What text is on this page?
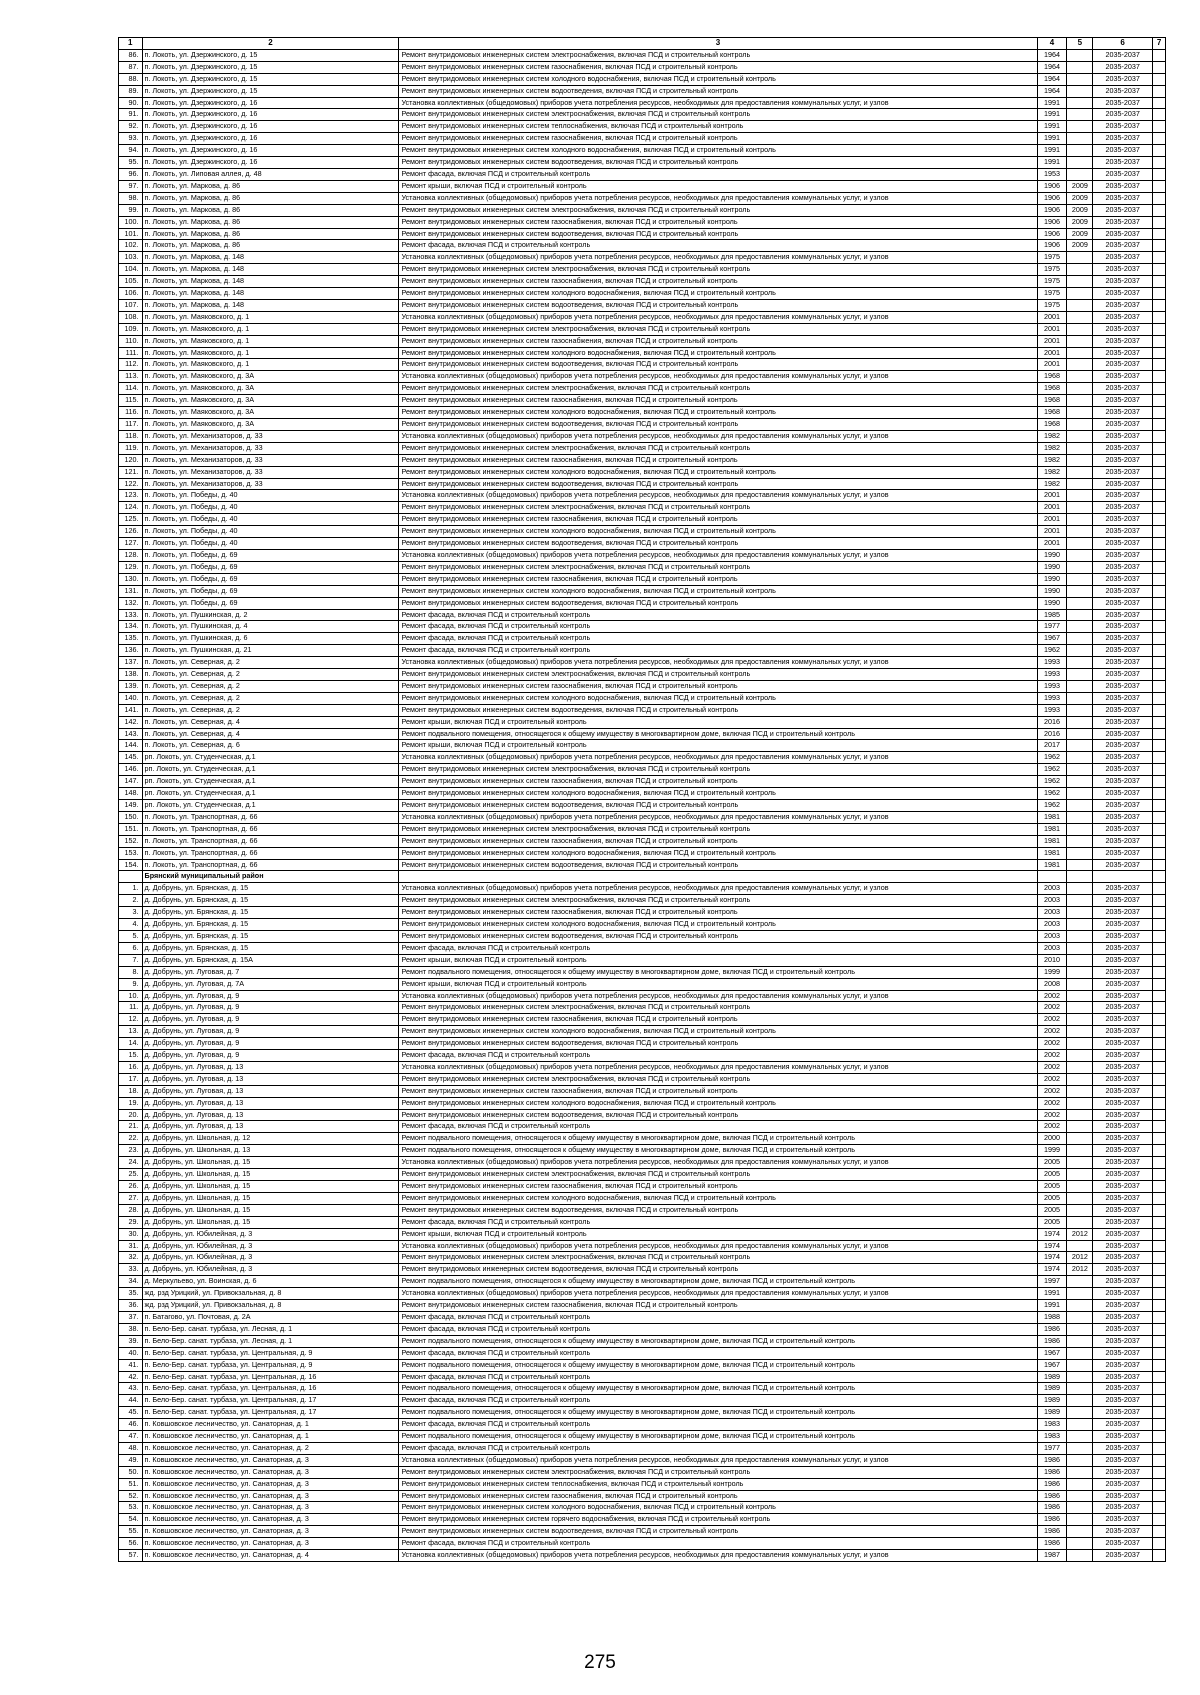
1	2	3	4	5	6	7
86.	п. Локоть, ул. Дзержинского, д. 15	Ремонт внутридомовых инженерных систем электроснабжения, включая ПСД и строительный контроль	1964		2035-2037	
87.	п. Локоть, ул. Дзержинского, д. 15	Ремонт внутридомовых инженерных систем газоснабжения, включая ПСД и строительный контроль	1964		2035-2037	
88.	п. Локоть, ул. Дзержинского, д. 15	Ремонт внутридомовых инженерных систем холодного водоснабжения, включая ПСД и строительный контроль	1964		2035-2037	
89.	п. Локоть, ул. Дзержинского, д. 15	Ремонт внутридомовых инженерных систем водоотведения, включая ПСД и строительный контроль	1964		2035-2037	
90.	п. Локоть, ул. Дзержинского, д. 16	Установка коллективных (общедомовых) приборов учета потребления ресурсов, необходимых для предоставления коммунальных услуг, и узлов	1991		2035-2037	
91.	п. Локоть, ул. Дзержинского, д. 16	Ремонт внутридомовых инженерных систем электроснабжения, включая ПСД и строительный контроль	1991		2035-2037	
92.	п. Локоть, ул. Дзержинского, д. 16	Ремонт внутридомовых инженерных систем теплоснабжения, включая ПСД и строительный контроль	1991		2035-2037	
93.	п. Локоть, ул. Дзержинского, д. 16	Ремонт внутридомовых инженерных систем газоснабжения, включая ПСД и строительный контроль	1991		2035-2037	
94.	п. Локоть, ул. Дзержинского, д. 16	Ремонт внутридомовых инженерных систем холодного водоснабжения, включая ПСД и строительный контроль	1991		2035-2037	
95.	п. Локоть, ул. Дзержинского, д. 16	Ремонт внутридомовых инженерных систем водоотведения, включая ПСД и строительный контроль	1991		2035-2037	
96.	п. Локоть, ул. Липовая аллея, д. 48	Ремонт фасада, включая ПСД и строительный контроль	1953		2035-2037	
97.	п. Локоть, ул. Маркова, д. 86	Ремонт крыши, включая ПСД и строительный контроль	1906	2009	2035-2037	
98.	п. Локоть, ул. Маркова, д. 86	Установка коллективных (общедомовых) приборов учета потребления ресурсов, необходимых для предоставления коммунальных услуг, и узлов	1906	2009	2035-2037	
99.	п. Локоть, ул. Маркова, д. 86	Ремонт внутридомовых инженерных систем электроснабжения, включая ПСД и строительный контроль	1906	2009	2035-2037	
100.	п. Локоть, ул. Маркова, д. 86	Ремонт внутридомовых инженерных систем газоснабжения, включая ПСД и строительный контроль	1906	2009	2035-2037	
101.	п. Локоть, ул. Маркова, д. 86	Ремонт внутридомовых инженерных систем водоотведения, включая ПСД и строительный контроль	1906	2009	2035-2037	
102.	п. Локоть, ул. Маркова, д. 86	Ремонт фасада, включая ПСД и строительный контроль	1906	2009	2035-2037	
103.	п. Локоть, ул. Маркова, д. 148	Установка коллективных (общедомовых) приборов учета потребления ресурсов, необходимых для предоставления коммунальных услуг, и узлов	1975		2035-2037	
104.	п. Локоть, ул. Маркова, д. 148	Ремонт внутридомовых инженерных систем электроснабжения, включая ПСД и строительный контроль	1975		2035-2037	
105.	п. Локоть, ул. Маркова, д. 148	Ремонт внутридомовых инженерных систем газоснабжения, включая ПСД и строительный контроль	1975		2035-2037	
106.	п. Локоть, ул. Маркова, д. 148	Ремонт внутридомовых инженерных систем холодного водоснабжения, включая ПСД и строительный контроль	1975		2035-2037	
107.	п. Локоть, ул. Маркова, д. 148	Ремонт внутридомовых инженерных систем водоотведения, включая ПСД и строительный контроль	1975		2035-2037	
108.	п. Локоть, ул. Маяковского, д. 1	Установка коллективных (общедомовых) приборов учета потребления ресурсов, необходимых для предоставления коммунальных услуг, и узлов	2001		2035-2037	
109.	п. Локоть, ул. Маяковского, д. 1	Ремонт внутридомовых инженерных систем электроснабжения, включая ПСД и строительный контроль	2001		2035-2037	
110.	п. Локоть, ул. Маяковского, д. 1	Ремонт внутридомовых инженерных систем газоснабжения, включая ПСД и строительный контроль	2001		2035-2037	
111.	п. Локоть, ул. Маяковского, д. 1	Ремонт внутридомовых инженерных систем холодного водоснабжения, включая ПСД и строительный контроль	2001		2035-2037	
112.	п. Локоть, ул. Маяковского, д. 1	Ремонт внутридомовых инженерных систем водоотведения, включая ПСД и строительный контроль	2001		2035-2037	
113.	п. Локоть, ул. Маяковского, д. 3А	Установка коллективных (общедомовых) приборов учета потребления ресурсов, необходимых для предоставления коммунальных услуг, и узлов	1968		2035-2037	
114.	п. Локоть, ул. Маяковского, д. 3А	Ремонт внутридомовых инженерных систем электроснабжения, включая ПСД и строительный контроль	1968		2035-2037	
115.	п. Локоть, ул. Маяковского, д. 3А	Ремонт внутридомовых инженерных систем газоснабжения, включая ПСД и строительный контроль	1968		2035-2037	
116.	п. Локоть, ул. Маяковского, д. 3А	Ремонт внутридомовых инженерных систем холодного водоснабжения, включая ПСД и строительный контроль	1968		2035-2037	
117.	п. Локоть, ул. Маяковского, д. 3А	Ремонт внутридомовых инженерных систем водоотведения, включая ПСД и строительный контроль	1968		2035-2037	
118.	п. Локоть, ул. Механизаторов, д. 33	Установка коллективных (общедомовых) приборов учета потребления ресурсов, необходимых для предоставления коммунальных услуг, и узлов	1982		2035-2037	
119.	п. Локоть, ул. Механизаторов, д. 33	Ремонт внутридомовых инженерных систем электроснабжения, включая ПСД и строительный контроль	1982		2035-2037	
120.	п. Локоть, ул. Механизаторов, д. 33	Ремонт внутридомовых инженерных систем газоснабжения, включая ПСД и строительный контроль	1982		2035-2037	
121.	п. Локоть, ул. Механизаторов, д. 33	Ремонт внутридомовых инженерных систем холодного водоснабжения, включая ПСД и строительный контроль	1982		2035-2037	
122.	п. Локоть, ул. Механизаторов, д. 33	Ремонт внутридомовых инженерных систем водоотведения, включая ПСД и строительный контроль	1982		2035-2037	
123.	п. Локоть, ул. Победы, д. 40	Установка коллективных (общедомовых) приборов учета потребления ресурсов, необходимых для предоставления коммунальных услуг, и узлов	2001		2035-2037	
124.	п. Локоть, ул. Победы, д. 40	Ремонт внутридомовых инженерных систем электроснабжения, включая ПСД и строительный контроль	2001		2035-2037	
125.	п. Локоть, ул. Победы, д. 40	Ремонт внутридомовых инженерных систем газоснабжения, включая ПСД и строительный контроль	2001		2035-2037	
126.	п. Локоть, ул. Победы, д. 40	Ремонт внутридомовых инженерных систем холодного водоснабжения, включая ПСД и строительный контроль	2001		2035-2037	
127.	п. Локоть, ул. Победы, д. 40	Ремонт внутридомовых инженерных систем водоотведения, включая ПСД и строительный контроль	2001		2035-2037	
128.	п. Локоть, ул. Победы, д. 69	Установка коллективных (общедомовых) приборов учета потребления ресурсов, необходимых для предоставления коммунальных услуг, и узлов	1990		2035-2037	
129.	п. Локоть, ул. Победы, д. 69	Ремонт внутридомовых инженерных систем электроснабжения, включая ПСД и строительный контроль	1990		2035-2037	
130.	п. Локоть, ул. Победы, д. 69	Ремонт внутридомовых инженерных систем газоснабжения, включая ПСД и строительный контроль	1990		2035-2037	
131.	п. Локоть, ул. Победы, д. 69	Ремонт внутридомовых инженерных систем холодного водоснабжения, включая ПСД и строительный контроль	1990		2035-2037	
132.	п. Локоть, ул. Победы, д. 69	Ремонт внутридомовых инженерных систем водоотведения, включая ПСД и строительный контроль	1990		2035-2037	
133.	п. Локоть, ул. Пушкинская, д. 2	Ремонт фасада, включая ПСД и строительный контроль	1985		2035-2037	
134.	п. Локоть, ул. Пушкинская, д. 4	Ремонт фасада, включая ПСД и строительный контроль	1977		2035-2037	
135.	п. Локоть, ул. Пушкинская, д. 6	Ремонт фасада, включая ПСД и строительный контроль	1967		2035-2037	
136.	п. Локоть, ул. Пушкинская, д. 21	Ремонт фасада, включая ПСД и строительный контроль	1962		2035-2037	
137.	п. Локоть, ул. Северная, д. 2	Установка коллективных (общедомовых) приборов учета потребления ресурсов, необходимых для предоставления коммунальных услуг, и узлов	1993		2035-2037	
138.	п. Локоть, ул. Северная, д. 2	Ремонт внутридомовых инженерных систем электроснабжения, включая ПСД и строительный контроль	1993		2035-2037	
139.	п. Локоть, ул. Северная, д. 2	Ремонт внутридомовых инженерных систем газоснабжения, включая ПСД и строительный контроль	1993		2035-2037	
140.	п. Локоть, ул. Северная, д. 2	Ремонт внутридомовых инженерных систем холодного водоснабжения, включая ПСД и строительный контроль	1993		2035-2037	
141.	п. Локоть, ул. Северная, д. 2	Ремонт внутридомовых инженерных систем водоотведения, включая ПСД и строительный контроль	1993		2035-2037	
142.	п. Локоть, ул. Северная, д. 4	Ремонт крыши, включая ПСД и строительный контроль	2016		2035-2037	
143.	п. Локоть, ул. Северная, д. 4	Ремонт подвального помещения, относящегося к общему имуществу в многоквартирном доме, включая ПСД и строительный контроль	2016		2035-2037	
144.	п. Локоть, ул. Северная, д. 6	Ремонт крыши, включая ПСД и строительный контроль	2017		2035-2037	
145.	рп. Локоть, ул. Студенческая, д.1	Установка коллективных (общедомовых) приборов учета потребления ресурсов, необходимых для предоставления коммунальных услуг, и узлов	1962		2035-2037	
146.	рп. Локоть, ул. Студенческая, д.1	Ремонт внутридомовых инженерных систем электроснабжения, включая ПСД и строительный контроль	1962		2035-2037	
147.	рп. Локоть, ул. Студенческая, д.1	Ремонт внутридомовых инженерных систем газоснабжения, включая ПСД и строительный контроль	1962		2035-2037	
148.	рп. Локоть, ул. Студенческая, д.1	Ремонт внутридомовых инженерных систем холодного водоснабжения, включая ПСД и строительный контроль	1962		2035-2037	
149.	рп. Локоть, ул. Студенческая, д.1	Ремонт внутридомовых инженерных систем водоотведения, включая ПСД и строительный контроль	1962		2035-2037	
150.	п. Локоть, ул. Транспортная, д. 66	Установка коллективных (общедомовых) приборов учета потребления ресурсов, необходимых для предоставления коммунальных услуг, и узлов	1981		2035-2037	
151.	п. Локоть, ул. Транспортная, д. 66	Ремонт внутридомовых инженерных систем электроснабжения, включая ПСД и строительный контроль	1981		2035-2037	
152.	п. Локоть, ул. Транспортная, д. 66	Ремонт внутридомовых инженерных систем газоснабжения, включая ПСД и строительный контроль	1981		2035-2037	
153.	п. Локоть, ул. Транспортная, д. 66	Ремонт внутридомовых инженерных систем холодного водоснабжения, включая ПСД и строительный контроль	1981		2035-2037	
154.	п. Локоть, ул. Транспортная, д. 66	Ремонт внутридомовых инженерных систем водоотведения, включая ПСД и строительный контроль	1981		2035-2037	
	Брянский муниципальный район					
1.	д. Добрунь, ул. Брянская, д. 15	Установка коллективных (общедомовых) приборов учета потребления ресурсов, необходимых для предоставления коммунальных услуг, и узлов	2003		2035-2037	
2.	д. Добрунь, ул. Брянская, д. 15	Ремонт внутридомовых инженерных систем электроснабжения, включая ПСД и строительный контроль	2003		2035-2037	
3.	д. Добрунь, ул. Брянская, д. 15	Ремонт внутридомовых инженерных систем газоснабжения, включая ПСД и строительный контроль	2003		2035-2037	
4.	д. Добрунь, ул. Брянская, д. 15	Ремонт внутридомовых инженерных систем холодного водоснабжения, включая ПСД и строительный контроль	2003		2035-2037	
5.	д. Добрунь, ул. Брянская, д. 15	Ремонт внутридомовых инженерных систем водоотведения, включая ПСД и строительный контроль	2003		2035-2037	
6.	д. Добрунь, ул. Брянская, д. 15	Ремонт фасада, включая ПСД и строительный контроль	2003		2035-2037	
7.	д. Добрунь, ул. Брянская, д. 15А	Ремонт крыши, включая ПСД и строительный контроль	2010		2035-2037	
8.	д. Добрунь, ул. Луговая, д. 7	Ремонт подвального помещения, относящегося к общему имуществу в многоквартирном доме, включая ПСД и строительный контроль	1999		2035-2037	
9.	д. Добрунь, ул. Луговая, д. 7А	Ремонт крыши, включая ПСД и строительный контроль	2008		2035-2037	
10.	д. Добрунь, ул. Луговая, д. 9	Установка коллективных (общедомовых) приборов учета потребления ресурсов, необходимых для предоставления коммунальных услуг, и узлов	2002		2035-2037	
11.	д. Добрунь, ул. Луговая, д. 9	Ремонт внутридомовых инженерных систем электроснабжения, включая ПСД и строительный контроль	2002		2035-2037	
12.	д. Добрунь, ул. Луговая, д. 9	Ремонт внутридомовых инженерных систем газоснабжения, включая ПСД и строительный контроль	2002		2035-2037	
13.	д. Добрунь, ул. Луговая, д. 9	Ремонт внутридомовых инженерных систем холодного водоснабжения, включая ПСД и строительный контроль	2002		2035-2037	
14.	д. Добрунь, ул. Луговая, д. 9	Ремонт внутридомовых инженерных систем водоотведения, включая ПСД и строительный контроль	2002		2035-2037	
15.	д. Добрунь, ул. Луговая, д. 9	Ремонт фасада, включая ПСД и строительный контроль	2002		2035-2037	
16.	д. Добрунь, ул. Луговая, д. 13	Установка коллективных (общедомовых) приборов учета потребления ресурсов, необходимых для предоставления коммунальных услуг, и узлов	2002		2035-2037	
17.	д. Добрунь, ул. Луговая, д. 13	Ремонт внутридомовых инженерных систем электроснабжения, включая ПСД и строительный контроль	2002		2035-2037	
18.	д. Добрунь, ул. Луговая, д. 13	Ремонт внутридомовых инженерных систем газоснабжения, включая ПСД и строительный контроль	2002		2035-2037	
19.	д. Добрунь, ул. Луговая, д. 13	Ремонт внутридомовых инженерных систем холодного водоснабжения, включая ПСД и строительный контроль	2002		2035-2037	
20.	д. Добрунь, ул. Луговая, д. 13	Ремонт внутридомовых инженерных систем водоотведения, включая ПСД и строительный контроль	2002		2035-2037	
21.	д. Добрунь, ул. Луговая, д. 13	Ремонт фасада, включая ПСД и строительный контроль	2002		2035-2037	
22.	д. Добрунь, ул. Школьная, д. 12	Ремонт подвального помещения, относящегося к общему имуществу в многоквартирном доме, включая ПСД и строительный контроль	2000		2035-2037	
23.	д. Добрунь, ул. Школьная, д. 13	Ремонт подвального помещения, относящегося к общему имуществу в многоквартирном доме, включая ПСД и строительный контроль	1999		2035-2037	
24.	д. Добрунь, ул. Школьная, д. 15	Установка коллективных (общедомовых) приборов учета потребления ресурсов, необходимых для предоставления коммунальных услуг, и узлов	2005		2035-2037	
25.	д. Добрунь, ул. Школьная, д. 15	Ремонт внутридомовых инженерных систем электроснабжения, включая ПСД и строительный контроль	2005		2035-2037	
26.	д. Добрунь, ул. Школьная, д. 15	Ремонт внутридомовых инженерных систем газоснабжения, включая ПСД и строительный контроль	2005		2035-2037	
27.	д. Добрунь, ул. Школьная, д. 15	Ремонт внутридомовых инженерных систем холодного водоснабжения, включая ПСД и строительный контроль	2005		2035-2037	
28.	д. Добрунь, ул. Школьная, д. 15	Ремонт внутридомовых инженерных систем водоотведения, включая ПСД и строительный контроль	2005		2035-2037	
29.	д. Добрунь, ул. Школьная, д. 15	Ремонт фасада, включая ПСД и строительный контроль	2005		2035-2037	
30.	д. Добрунь, ул. Юбилейная, д. 3	Ремонт крыши, включая ПСД и строительный контроль	1974	2012	2035-2037	
31.	д. Добрунь, ул. Юбилейная, д. 3	Установка коллективных (общедомовых) приборов учета потребления ресурсов, необходимых для предоставления коммунальных услуг, и узлов	1974		2035-2037	
32.	д. Добрунь, ул. Юбилейная, д. 3	Ремонт внутридомовых инженерных систем электроснабжения, включая ПСД и строительный контроль	1974	2012	2035-2037	
33.	д. Добрунь, ул. Юбилейная, д. 3	Ремонт внутридомовых инженерных систем водоотведения, включая ПСД и строительный контроль	1974	2012	2035-2037	
34.	д. Меркульево, ул. Воинская, д. 6	Ремонт подвального помещения, относящегося к общему имуществу в многоквартирном доме, включая ПСД и строительный контроль	1997		2035-2037	
35.	жд. рзд Урицкий, ул. Привокзальная, д. 8	Установка коллективных (общедомовых) приборов учета потребления ресурсов, необходимых для предоставления коммунальных услуг, и узлов	1991		2035-2037	
36.	жд. рзд Урицкий, ул. Привокзальная, д. 8	Ремонт внутридомовых инженерных систем газоснабжения, включая ПСД и строительный контроль	1991		2035-2037	
37.	п. Батагово, ул. Почтовая, д. 2А	Ремонт фасада, включая ПСД и строительный контроль	1988		2035-2037	
38.	п. Бело-Бер. санат. турбаза, ул. Лесная, д. 1	Ремонт фасада, включая ПСД и строительный контроль	1986		2035-2037	
39.	п. Бело-Бер. санат. турбаза, ул. Лесная, д. 1	Ремонт подвального помещения, относящегося к общему имуществу в многоквартирном доме, включая ПСД и строительный контроль	1986		2035-2037	
40.	п. Бело-Бер. санат. турбаза, ул. Центральная, д. 9	Ремонт фасада, включая ПСД и строительный контроль	1967		2035-2037	
41.	п. Бело-Бер. санат. турбаза, ул. Центральная, д. 9	Ремонт подвального помещения, относящегося к общему имуществу в многоквартирном доме, включая ПСД и строительный контроль	1967		2035-2037	
42.	п. Бело-Бер. санат. турбаза, ул. Центральная, д. 16	Ремонт фасада, включая ПСД и строительный контроль	1989		2035-2037	
43.	п. Бело-Бер. санат. турбаза, ул. Центральная, д. 16	Ремонт подвального помещения, относящегося к общему имуществу в многоквартирном доме, включая ПСД и строительный контроль	1989		2035-2037	
44.	п. Бело-Бер. санат. турбаза, ул. Центральная, д. 17	Ремонт фасада, включая ПСД и строительный контроль	1989		2035-2037	
45.	п. Бело-Бер. санат. турбаза, ул. Центральная, д. 17	Ремонт подвального помещения, относящегося к общему имуществу в многоквартирном доме, включая ПСД и строительный контроль	1989		2035-2037	
46.	п. Ковшовское лесничество, ул. Санаторная, д. 1	Ремонт фасада, включая ПСД и строительный контроль	1983		2035-2037	
47.	п. Ковшовское лесничество, ул. Санаторная, д. 1	Ремонт подвального помещения, относящегося к общему имуществу в многоквартирном доме, включая ПСД и строительный контроль	1983		2035-2037	
48.	п. Ковшовское лесничество, ул. Санаторная, д. 2	Ремонт фасада, включая ПСД и строительный контроль	1977		2035-2037	
49.	п. Ковшовское лесничество, ул. Санаторная, д. 3	Установка коллективных (общедомовых) приборов учета потребления ресурсов, необходимых для предоставления коммунальных услуг, и узлов	1986		2035-2037	
50.	п. Ковшовское лесничество, ул. Санаторная, д. 3	Ремонт внутридомовых инженерных систем электроснабжения, включая ПСД и строительный контроль	1986		2035-2037	
51.	п. Ковшовское лесничество, ул. Санаторная, д. 3	Ремонт внутридомовых инженерных систем теплоснабжения, включая ПСД и строительный контроль	1986		2035-2037	
52.	п. Ковшовское лесничество, ул. Санаторная, д. 3	Ремонт внутридомовых инженерных систем газоснабжения, включая ПСД и строительный контроль	1986		2035-2037	
53.	п. Ковшовское лесничество, ул. Санаторная, д. 3	Ремонт внутридомовых инженерных систем холодного водоснабжения, включая ПСД и строительный контроль	1986		2035-2037	
54.	п. Ковшовское лесничество, ул. Санаторная, д. 3	Ремонт внутридомовых инженерных систем горячего водоснабжения, включая ПСД и строительный контроль	1986		2035-2037	
55.	п. Ковшовское лесничество, ул. Санаторная, д. 3	Ремонт внутридомовых инженерных систем водоотведения, включая ПСД и строительный контроль	1986		2035-2037	
56.	п. Ковшовское лесничество, ул. Санаторная, д. 3	Ремонт фасада, включая ПСД и строительный контроль	1986		2035-2037	
57.	п. Ковшовское лесничество, ул. Санаторная, д. 4	Установка коллективных (общедомовых) приборов учета потребления ресурсов, необходимых для предоставления коммунальных услуг, и узлов	1987		2035-2037	
275
